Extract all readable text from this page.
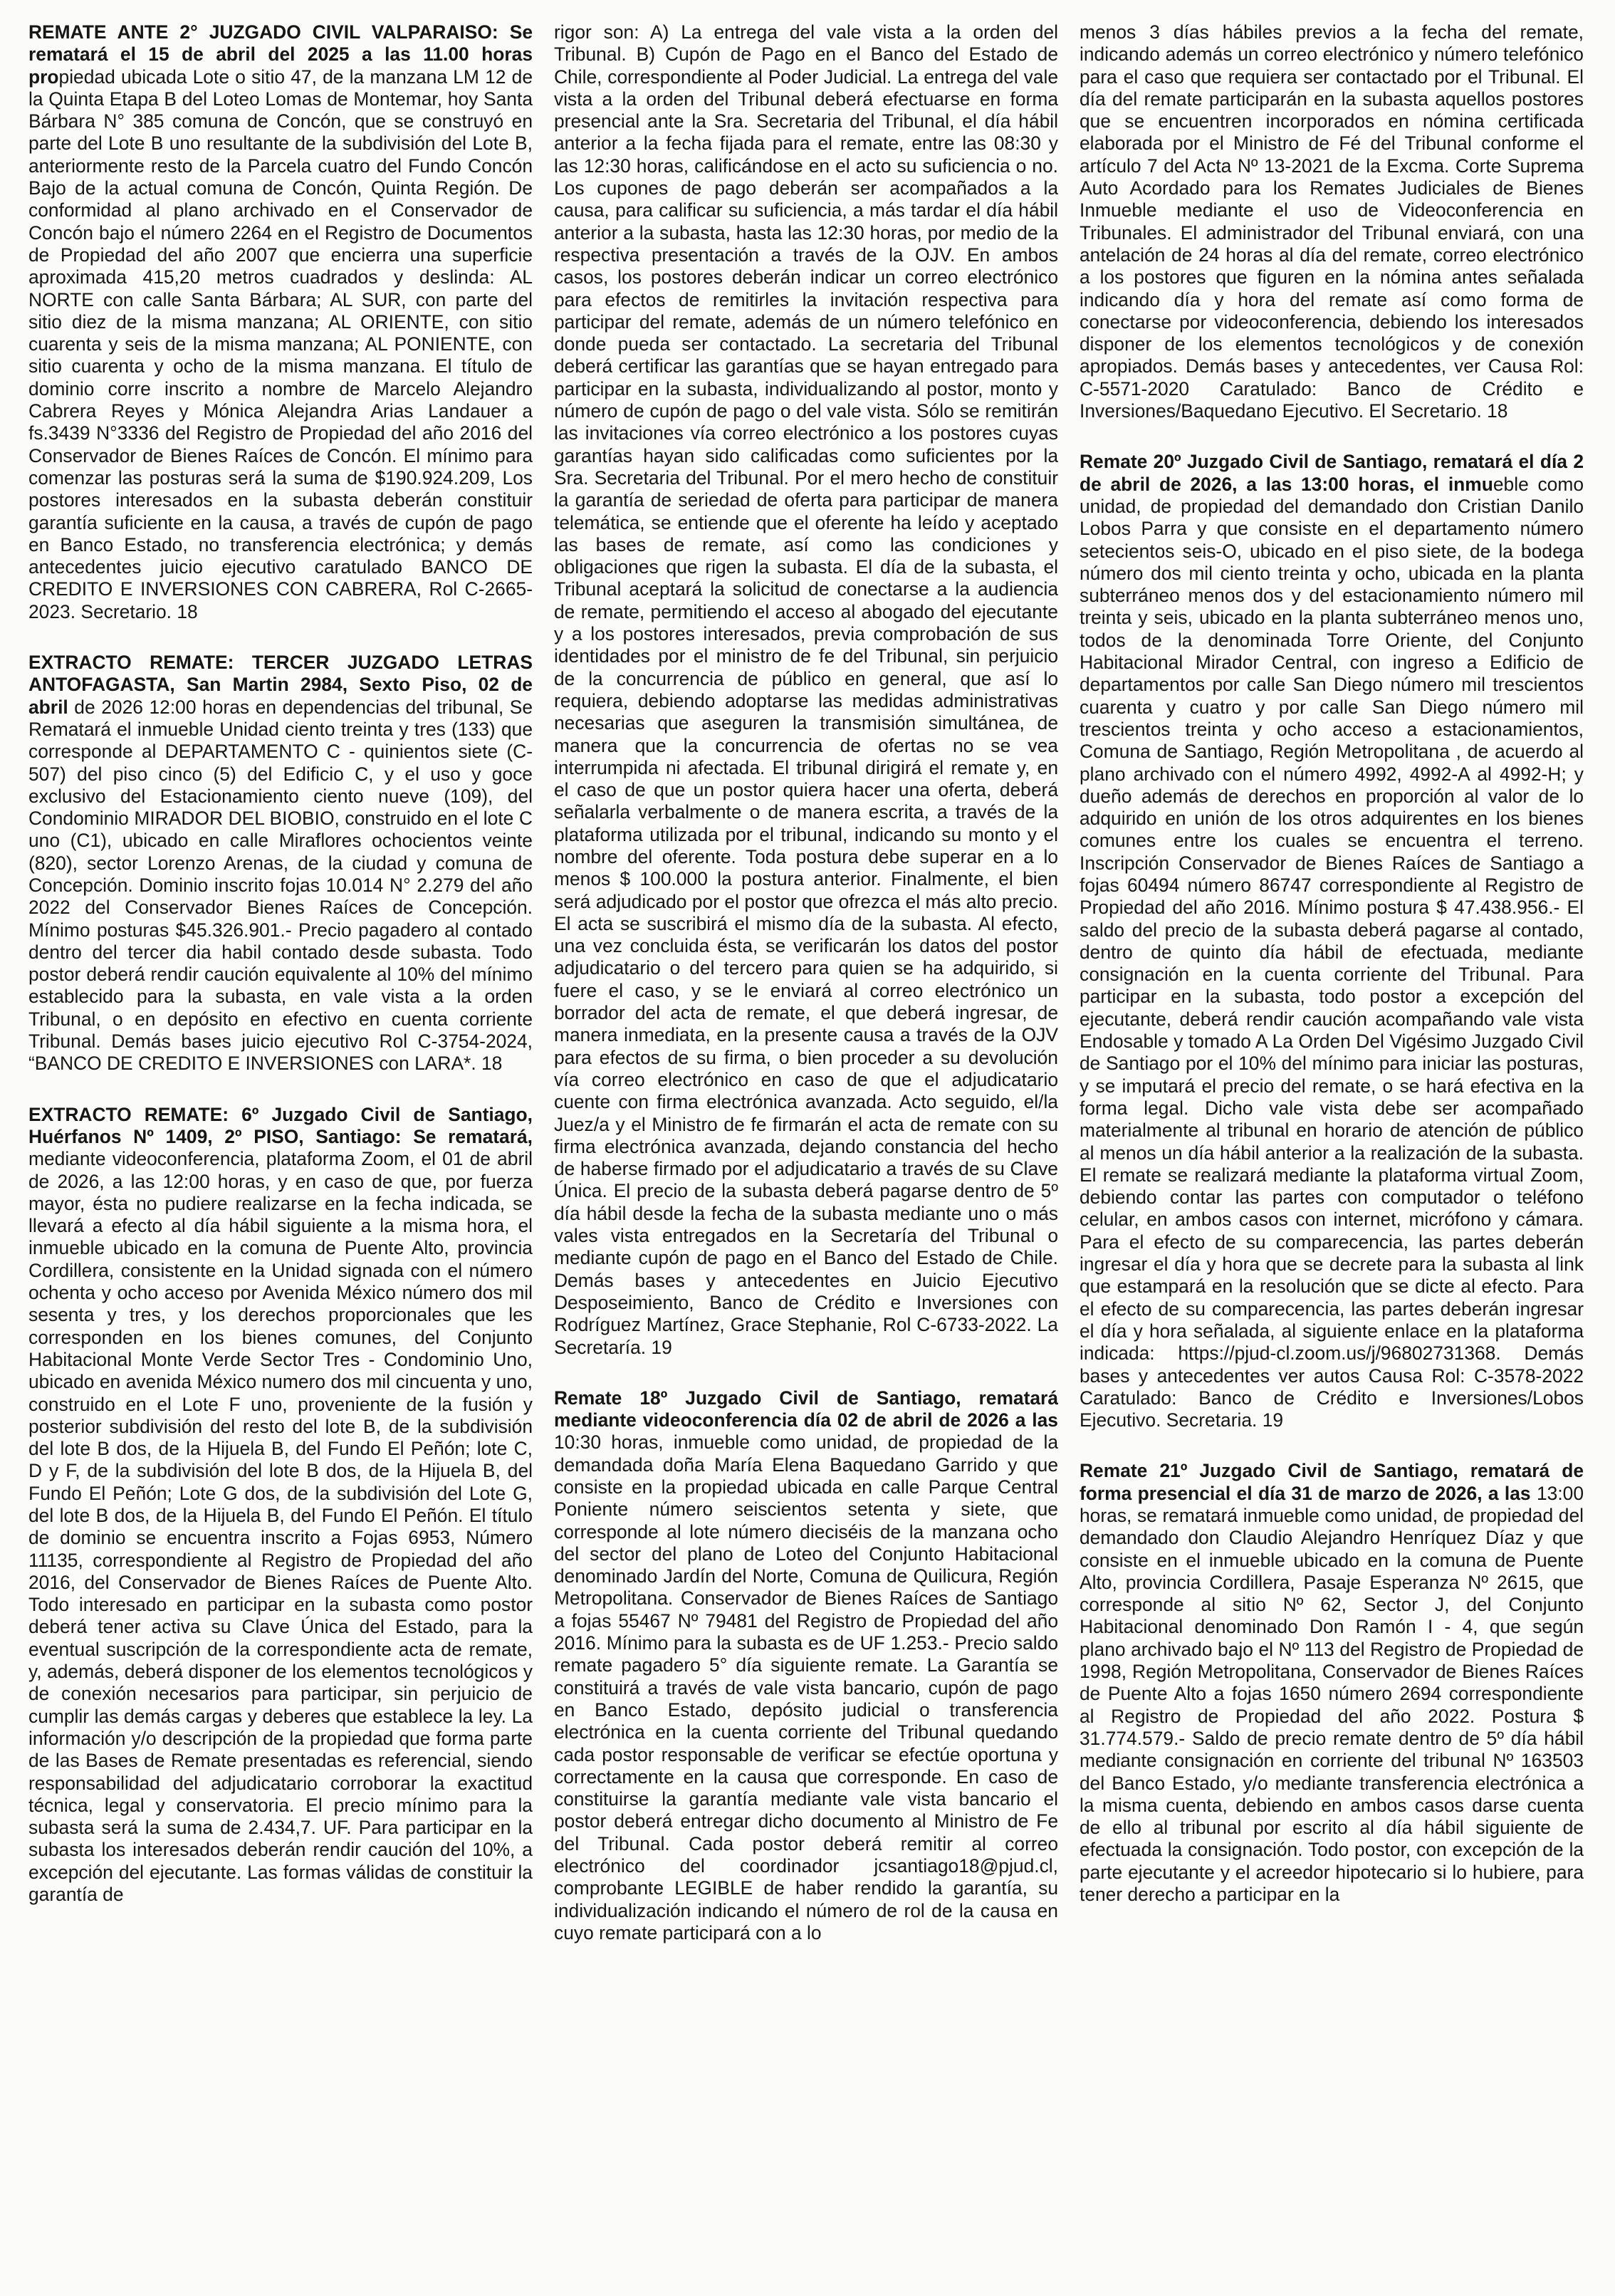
REMATE ANTE 2° JUZGADO CIVIL VALPARAISO: Se rematará el 15 de abril del 2025 a las 11.00 horas propiedad ubicada Lote o sitio 47, de la manzana LM 12 de la Quinta Etapa B del Loteo Lomas de Montemar, hoy Santa Bárbara N° 385 comuna de Concón, que se construyó en parte del Lote B uno resultante de la subdivisión del Lote B, anteriormente resto de la Parcela cuatro del Fundo Concón Bajo de la actual comuna de Concón, Quinta Región. De conformidad al plano archivado en el Conservador de Concón bajo el número 2264 en el Registro de Documentos de Propiedad del año 2007 que encierra una superficie aproximada 415,20 metros cuadrados y deslinda: AL NORTE con calle Santa Bárbara; AL SUR, con parte del sitio diez de la misma manzana; AL ORIENTE, con sitio cuarenta y seis de la misma manzana; AL PONIENTE, con sitio cuarenta y ocho de la misma manzana. El título de dominio corre inscrito a nombre de Marcelo Alejandro Cabrera Reyes y Mónica Alejandra Arias Landauer a fs.3439 N°3336 del Registro de Propiedad del año 2016 del Conservador de Bienes Raíces de Concón. El mínimo para comenzar las posturas será la suma de $190.924.209, Los postores interesados en la subasta deberán constituir garantía suficiente en la causa, a través de cupón de pago en Banco Estado, no transferencia electrónica; y demás antecedentes juicio ejecutivo caratulado BANCO DE CREDITO E INVERSIONES CON CABRERA, Rol C-2665-2023. Secretario. 18

EXTRACTO REMATE: TERCER JUZGADO LETRAS ANTOFAGASTA, San Martin 2984, Sexto Piso, 02 de abril de 2026 12:00 horas en dependencias del tribunal, Se Rematará el inmueble Unidad ciento treinta y tres (133) que corresponde al DEPARTAMENTO C - quinientos siete (C-507) del piso cinco (5) del Edificio C, y el uso y goce exclusivo del Estacionamiento ciento nueve (109), del Condominio MIRADOR DEL BIOBIO, construido en el lote C uno (C1), ubicado en calle Miraflores ochocientos veinte (820), sector Lorenzo Arenas, de la ciudad y comuna de Concepción. Dominio inscrito fojas 10.014 N° 2.279 del año 2022 del Conservador Bienes Raíces de Concepción. Mínimo posturas $45.326.901.- Precio pagadero al contado dentro del tercer dia habil contado desde subasta. Todo postor deberá rendir caución equivalente al 10% del mínimo establecido para la subasta, en vale vista a la orden Tribunal, o en depósito en efectivo en cuenta corriente Tribunal. Demás bases juicio ejecutivo Rol C-3754-2024, “BANCO DE CREDITO E INVERSIONES con LARA*. 18

EXTRACTO REMATE: 6º Juzgado Civil de Santiago, Huérfanos Nº 1409, 2º PISO, Santiago: Se rematará, mediante videoconferencia, plataforma Zoom, el 01 de abril de 2026, a las 12:00 horas, y en caso de que, por fuerza mayor, ésta no pudiere realizarse en la fecha indicada, se llevará a efecto al día hábil siguiente a la misma hora, el inmueble ubicado en la comuna de Puente Alto, provincia Cordillera, consistente en la Unidad signada con el número ochenta y ocho acceso por Avenida México número dos mil sesenta y tres, y los derechos proporcionales que les corresponden en los bienes comunes, del Conjunto Habitacional Monte Verde Sector Tres - Condominio Uno, ubicado en avenida México numero dos mil cincuenta y uno, construido en el Lote F uno, proveniente de la fusión y posterior subdivisión del resto del lote B, de la subdivisión del lote B dos, de la Hijuela B, del Fundo El Peñón; lote C, D y F, de la subdivisión del lote B dos, de la Hijuela B, del Fundo El Peñón; Lote G dos, de la subdivisión del Lote G, del lote B dos, de la Hijuela B, del Fundo El Peñón. El título de dominio se encuentra inscrito a Fojas 6953, Número 11135, correspondiente al Registro de Propiedad del año 2016, del Conservador de Bienes Raíces de Puente Alto. Todo interesado en participar en la subasta como postor deberá tener activa su Clave Única del Estado, para la eventual suscripción de la correspondiente acta de remate, y, además, deberá disponer de los elementos tecnológicos y de conexión necesarios para participar, sin perjuicio de cumplir las demás cargas y deberes que establece la ley. La información y/o descripción de la propiedad que forma parte de las Bases de Remate presentadas es referencial, siendo responsabilidad del adjudicatario corroborar la exactitud técnica, legal y conservatoria. El precio mínimo para la subasta será la suma de 2.434,7. UF. Para participar en la subasta los interesados deberán rendir caución del 10%, a excepción del ejecutante. Las formas válidas de constituir la garantía de

rigor son: A) La entrega del vale vista a la orden del Tribunal. B) Cupón de Pago en el Banco del Estado de Chile, correspondiente al Poder Judicial. La entrega del vale vista a la orden del Tribunal deberá efectuarse en forma presencial ante la Sra. Secretaria del Tribunal, el día hábil anterior a la fecha fijada para el remate, entre las 08:30 y las 12:30 horas, calificándose en el acto su suficiencia o no. Los cupones de pago deberán ser acompañados a la causa, para calificar su suficiencia, a más tardar el día hábil anterior a la subasta, hasta las 12:30 horas, por medio de la respectiva presentación a través de la OJV. En ambos casos, los postores deberán indicar un correo electrónico para efectos de remitirles la invitación respectiva para participar del remate, además de un número telefónico en donde pueda ser contactado. La secretaria del Tribunal deberá certificar las garantías que se hayan entregado para participar en la subasta, individualizando al postor, monto y número de cupón de pago o del vale vista. Sólo se remitirán las invitaciones vía correo electrónico a los postores cuyas garantías hayan sido calificadas como suficientes por la Sra. Secretaria del Tribunal. Por el mero hecho de constituir la garantía de seriedad de oferta para participar de manera telemática, se entiende que el oferente ha leído y aceptado las bases de remate, así como las condiciones y obligaciones que rigen la subasta. El día de la subasta, el Tribunal aceptará la solicitud de conectarse a la audiencia de remate, permitiendo el acceso al abogado del ejecutante y a los postores interesados, previa comprobación de sus identidades por el ministro de fe del Tribunal, sin perjuicio de la concurrencia de público en general, que así lo requiera, debiendo adoptarse las medidas administrativas necesarias que aseguren la transmisión simultánea, de manera que la concurrencia de ofertas no se vea interrumpida ni afectada. El tribunal dirigirá el remate y, en el caso de que un postor quiera hacer una oferta, deberá señalarla verbalmente o de manera escrita, a través de la plataforma utilizada por el tribunal, indicando su monto y el nombre del oferente. Toda postura debe superar en a lo menos $ 100.000 la postura anterior. Finalmente, el bien será adjudicado por el postor que ofrezca el más alto precio. El acta se suscribirá el mismo día de la subasta. Al efecto, una vez concluida ésta, se verificarán los datos del postor adjudicatario o del tercero para quien se ha adquirido, si fuere el caso, y se le enviará al correo electrónico un borrador del acta de remate, el que deberá ingresar, de manera inmediata, en la presente causa a través de la OJV para efectos de su firma, o bien proceder a su devolución vía correo electrónico en caso de que el adjudicatario cuente con firma electrónica avanzada. Acto seguido, el/la Juez/a y el Ministro de fe firmarán el acta de remate con su firma electrónica avanzada, dejando constancia del hecho de haberse firmado por el adjudicatario a través de su Clave Única. El precio de la subasta deberá pagarse dentro de 5º día hábil desde la fecha de la subasta mediante uno o más vales vista entregados en la Secretaría del Tribunal o mediante cupón de pago en el Banco del Estado de Chile. Demás bases y antecedentes en Juicio Ejecutivo Desposeimiento, Banco de Crédito e Inversiones con Rodríguez Martínez, Grace Stephanie, Rol C-6733-2022. La Secretaría. 19

Remate 18º Juzgado Civil de Santiago, rematará mediante videoconferencia día 02 de abril de 2026 a las 10:30 horas, inmueble como unidad, de propiedad de la demandada doña María Elena Baquedano Garrido y que consiste en la propiedad ubicada en calle Parque Central Poniente número seiscientos setenta y siete, que corresponde al lote número dieciséis de la manzana ocho del sector del plano de Loteo del Conjunto Habitacional denominado Jardín del Norte, Comuna de Quilicura, Región Metropolitana. Conservador de Bienes Raíces de Santiago a fojas 55467 Nº 79481 del Registro de Propiedad del año 2016. Mínimo para la subasta es de UF 1.253.- Precio saldo remate pagadero 5° día siguiente remate. La Garantía se constituirá a través de vale vista bancario, cupón de pago en Banco Estado, depósito judicial o transferencia electrónica en la cuenta corriente del Tribunal quedando cada postor responsable de verificar se efectúe oportuna y correctamente en la causa que corresponde. En caso de constituirse la garantía mediante vale vista bancario el postor deberá entregar dicho documento al Ministro de Fe del Tribunal. Cada postor deberá remitir al correo electrónico del coordinador jcsantiago18@pjud.cl, comprobante LEGIBLE de haber rendido la garantía, su individualización indicando el número de rol de la causa en cuyo remate participará con a lo

menos 3 días hábiles previos a la fecha del remate, indicando además un correo electrónico y número telefónico para el caso que requiera ser contactado por el Tribunal. El día del remate participarán en la subasta aquellos postores que se encuentren incorporados en nómina certificada elaborada por el Ministro de Fé del Tribunal conforme el artículo 7 del Acta Nº 13-2021 de la Excma. Corte Suprema Auto Acordado para los Remates Judiciales de Bienes Inmueble mediante el uso de Videoconferencia en Tribunales. El administrador del Tribunal enviará, con una antelación de 24 horas al día del remate, correo electrónico a los postores que figuren en la nómina antes señalada indicando día y hora del remate así como forma de conectarse por videoconferencia, debiendo los interesados disponer de los elementos tecnológicos y de conexión apropiados. Demás bases y antecedentes, ver Causa Rol: C-5571-2020 Caratulado: Banco de Crédito e Inversiones/Baquedano Ejecutivo. El Secretario. 18

Remate 20º Juzgado Civil de Santiago, rematará el día 2 de abril de 2026, a las 13:00 horas, el inmueble como unidad, de propiedad del demandado don Cristian Danilo Lobos Parra y que consiste en el departamento número setecientos seis-O, ubicado en el piso siete, de la bodega número dos mil ciento treinta y ocho, ubicada en la planta subterráneo menos dos y del estacionamiento número mil treinta y seis, ubicado en la planta subterráneo menos uno, todos de la denominada Torre Oriente, del Conjunto Habitacional Mirador Central, con ingreso a Edificio de departamentos por calle San Diego número mil trescientos cuarenta y cuatro y por calle San Diego número mil trescientos treinta y ocho acceso a estacionamientos, Comuna de Santiago, Región Metropolitana , de acuerdo al plano archivado con el número 4992, 4992-A al 4992-H; y dueño además de derechos en proporción al valor de lo adquirido en unión de los otros adquirentes en los bienes comunes entre los cuales se encuentra el terreno. Inscripción Conservador de Bienes Raíces de Santiago a fojas 60494 número 86747 correspondiente al Registro de Propiedad del año 2016. Mínimo postura $ 47.438.956.- El saldo del precio de la subasta deberá pagarse al contado, dentro de quinto día hábil de efectuada, mediante consignación en la cuenta corriente del Tribunal. Para participar en la subasta, todo postor a excepción del ejecutante, deberá rendir caución acompañando vale vista Endosable y tomado A La Orden Del Vigésimo Juzgado Civil de Santiago por el 10% del mínimo para iniciar las posturas, y se imputará el precio del remate, o se hará efectiva en la forma legal. Dicho vale vista debe ser acompañado materialmente al tribunal en horario de atención de público al menos un día hábil anterior a la realización de la subasta. El remate se realizará mediante la plataforma virtual Zoom, debiendo contar las partes con computador o teléfono celular, en ambos casos con internet, micrófono y cámara. Para el efecto de su comparecencia, las partes deberán ingresar el día y hora que se decrete para la subasta al link que estampará en la resolución que se dicte al efecto. Para el efecto de su comparecencia, las partes deberán ingresar el día y hora señalada, al siguiente enlace en la plataforma indicada: https://pjud-cl.zoom.us/j/96802731368. Demás bases y antecedentes ver autos Causa Rol: C-3578-2022 Caratulado: Banco de Crédito e Inversiones/Lobos Ejecutivo. Secretaria. 19

Remate 21º Juzgado Civil de Santiago, rematará de forma presencial el día 31 de marzo de 2026, a las 13:00 horas, se rematará inmueble como unidad, de propiedad del demandado don Claudio Alejandro Henríquez Díaz y que consiste en el inmueble ubicado en la comuna de Puente Alto, provincia Cordillera, Pasaje Esperanza Nº 2615, que corresponde al sitio Nº 62, Sector J, del Conjunto Habitacional denominado Don Ramón I - 4, que según plano archivado bajo el Nº 113 del Registro de Propiedad de 1998, Región Metropolitana, Conservador de Bienes Raíces de Puente Alto a fojas 1650 número 2694 correspondiente al Registro de Propiedad del año 2022. Postura $ 31.774.579.- Saldo de precio remate dentro de 5º día hábil mediante consignación en corriente del tribunal Nº 163503 del Banco Estado, y/o mediante transferencia electrónica a la misma cuenta, debiendo en ambos casos darse cuenta de ello al tribunal por escrito al día hábil siguiente de efectuada la consignación. Todo postor, con excepción de la parte ejecutante y el acreedor hipotecario si lo hubiere, para tener derecho a participar en la
